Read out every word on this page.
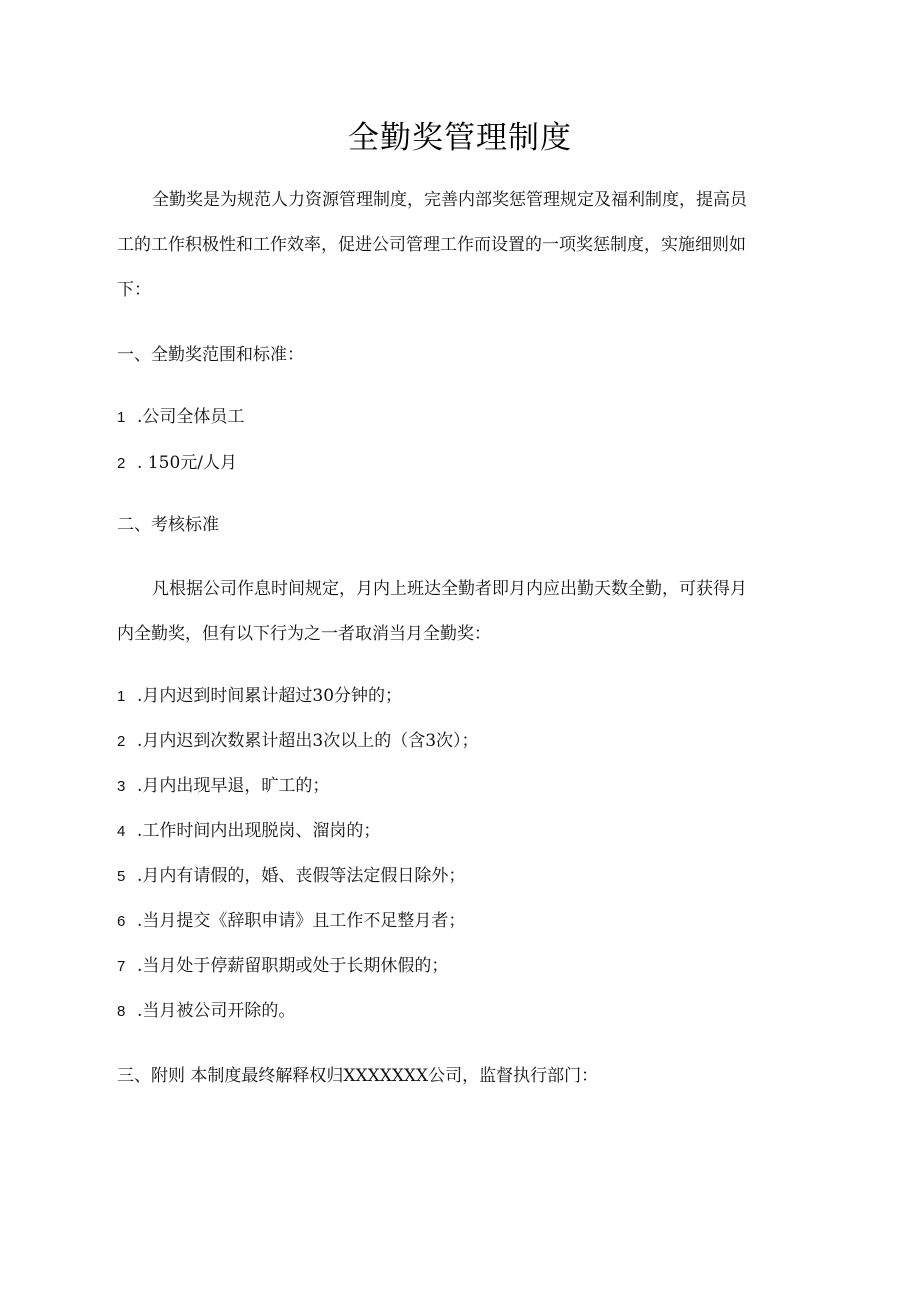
全勤奖管理制度
全勤奖是为规范人力资源管理制度，完善内部奖惩管理规定及福利制度，提高员
工的工作积极性和工作效率，促进公司管理工作而设置的一项奖惩制度，实施细则如
下：
一、全勤奖范围和标准：
1 .公司全体员工
2 . 150元/人月
二、考核标准
凡根据公司作息时间规定，月内上班达全勤者即月内应出勤天数全勤，可获得月
内全勤奖，但有以下行为之一者取消当月全勤奖：
1 .月内迟到时间累计超过30分钟的；
2 .月内迟到次数累计超出3次以上的（含3次）；
3 .月内出现早退，旷工的；
4 .工作时间内出现脱岗、溜岗的；
5 .月内有请假的，婚、丧假等法定假日除外；
6 .当月提交《辞职申请》且工作不足整月者；
7 .当月处于停薪留职期或处于长期休假的；
8 .当月被公司开除的。
三、附则 本制度最终解释权归XXXXXXX公司，监督执行部门：
